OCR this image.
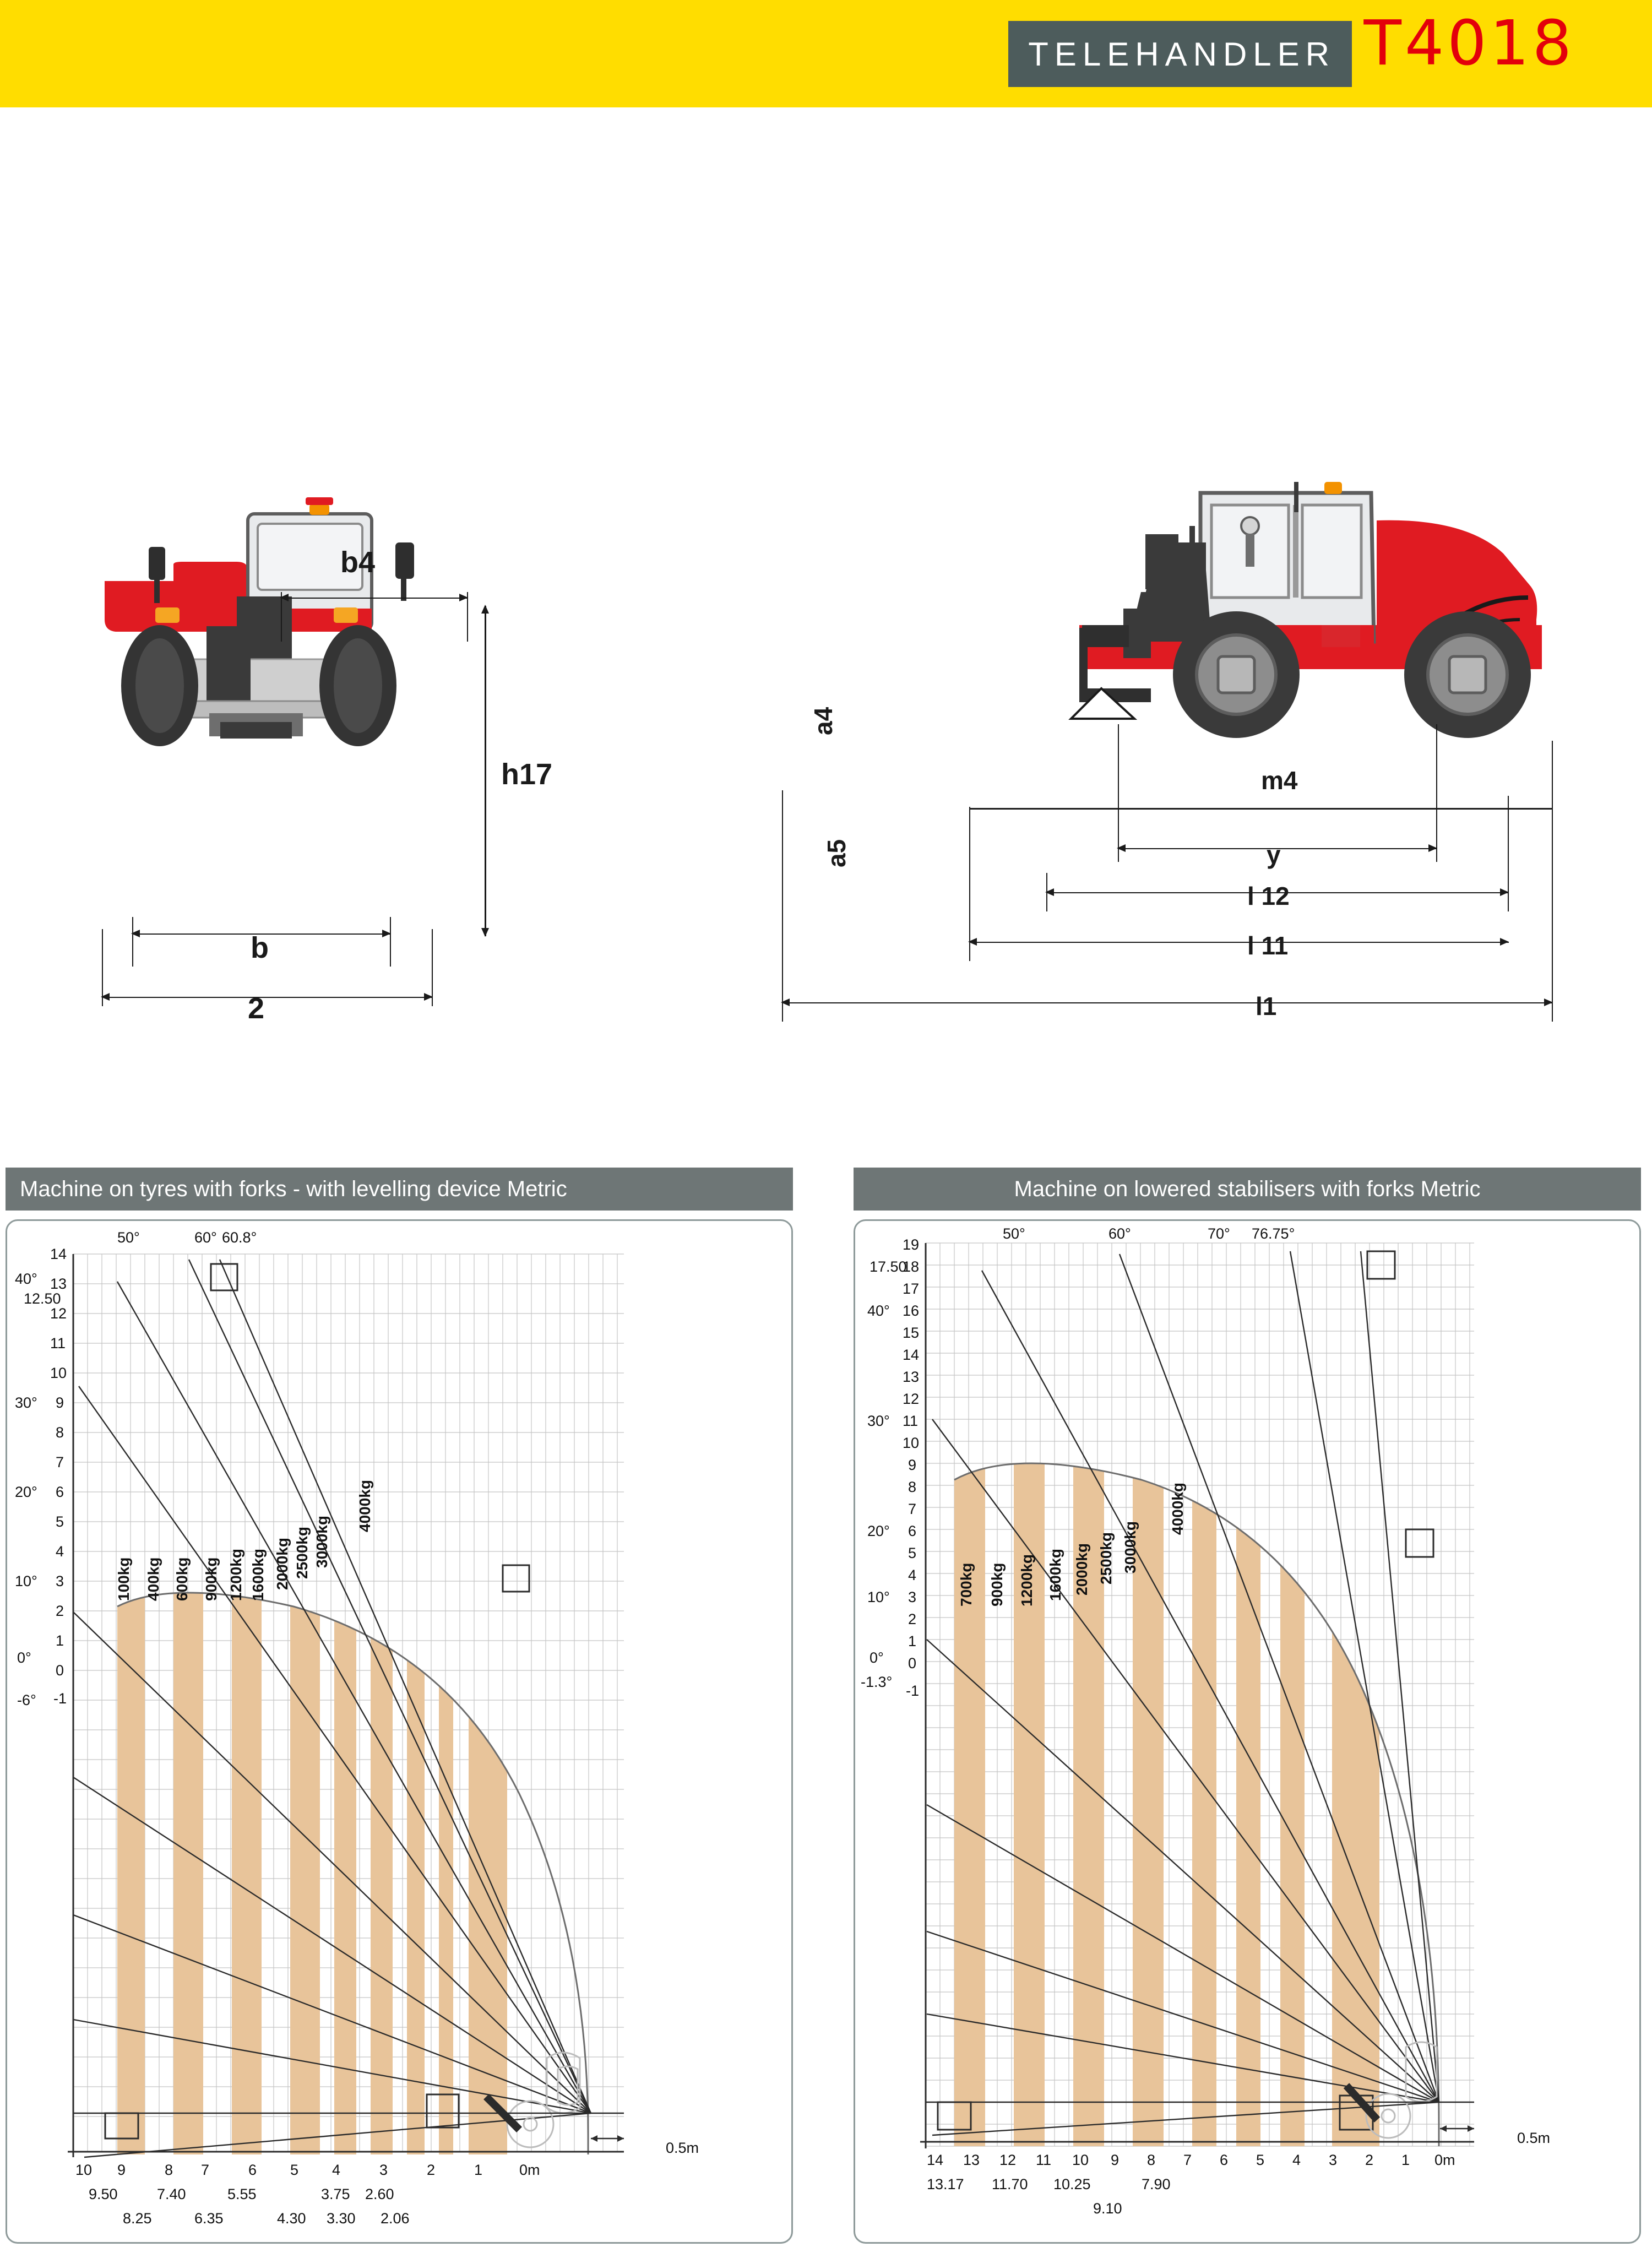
TELEHANDLER T4018
b4
h17
b
2
a4
a5
m4
y
l 12
l 11
l1
Machine on tyres with forks - with levelling device Metric
14
13
12
11
10
9
8
7
6
5
4
3
2
1
0
-1
12.50
40°
30°
20°
10°
0°
-6°
50°	60° 60.8°
100kg 400kg 600kg 900kg 1200kg 1600kg 2000kg 2500kg 3000kg
4000kg
10 9	8 7	6 5 4	3	2	1 0m
9.50
8.25
7.40
6.35
5.55
4.30
3.75
3.30
2.60
2.06
0.5m
Machine on lowered stabilisers with forks Metric
19
18
17
16
15
14
13
12
11
10
9
8
7
6
5
4
3
2
1
0
-1
17.50
40°
30°
20°
10°
0°
-1.3°
50°	60°	70° 76.75°
700kg 900kg 1200kg 1600kg 2000kg 2500kg 3000kg
4000kg
14 13 12 11 10 9 8 7 6 5 4 3 2 1 0m
13.17 11.70 10.25
9.10
7.90
0.5m
